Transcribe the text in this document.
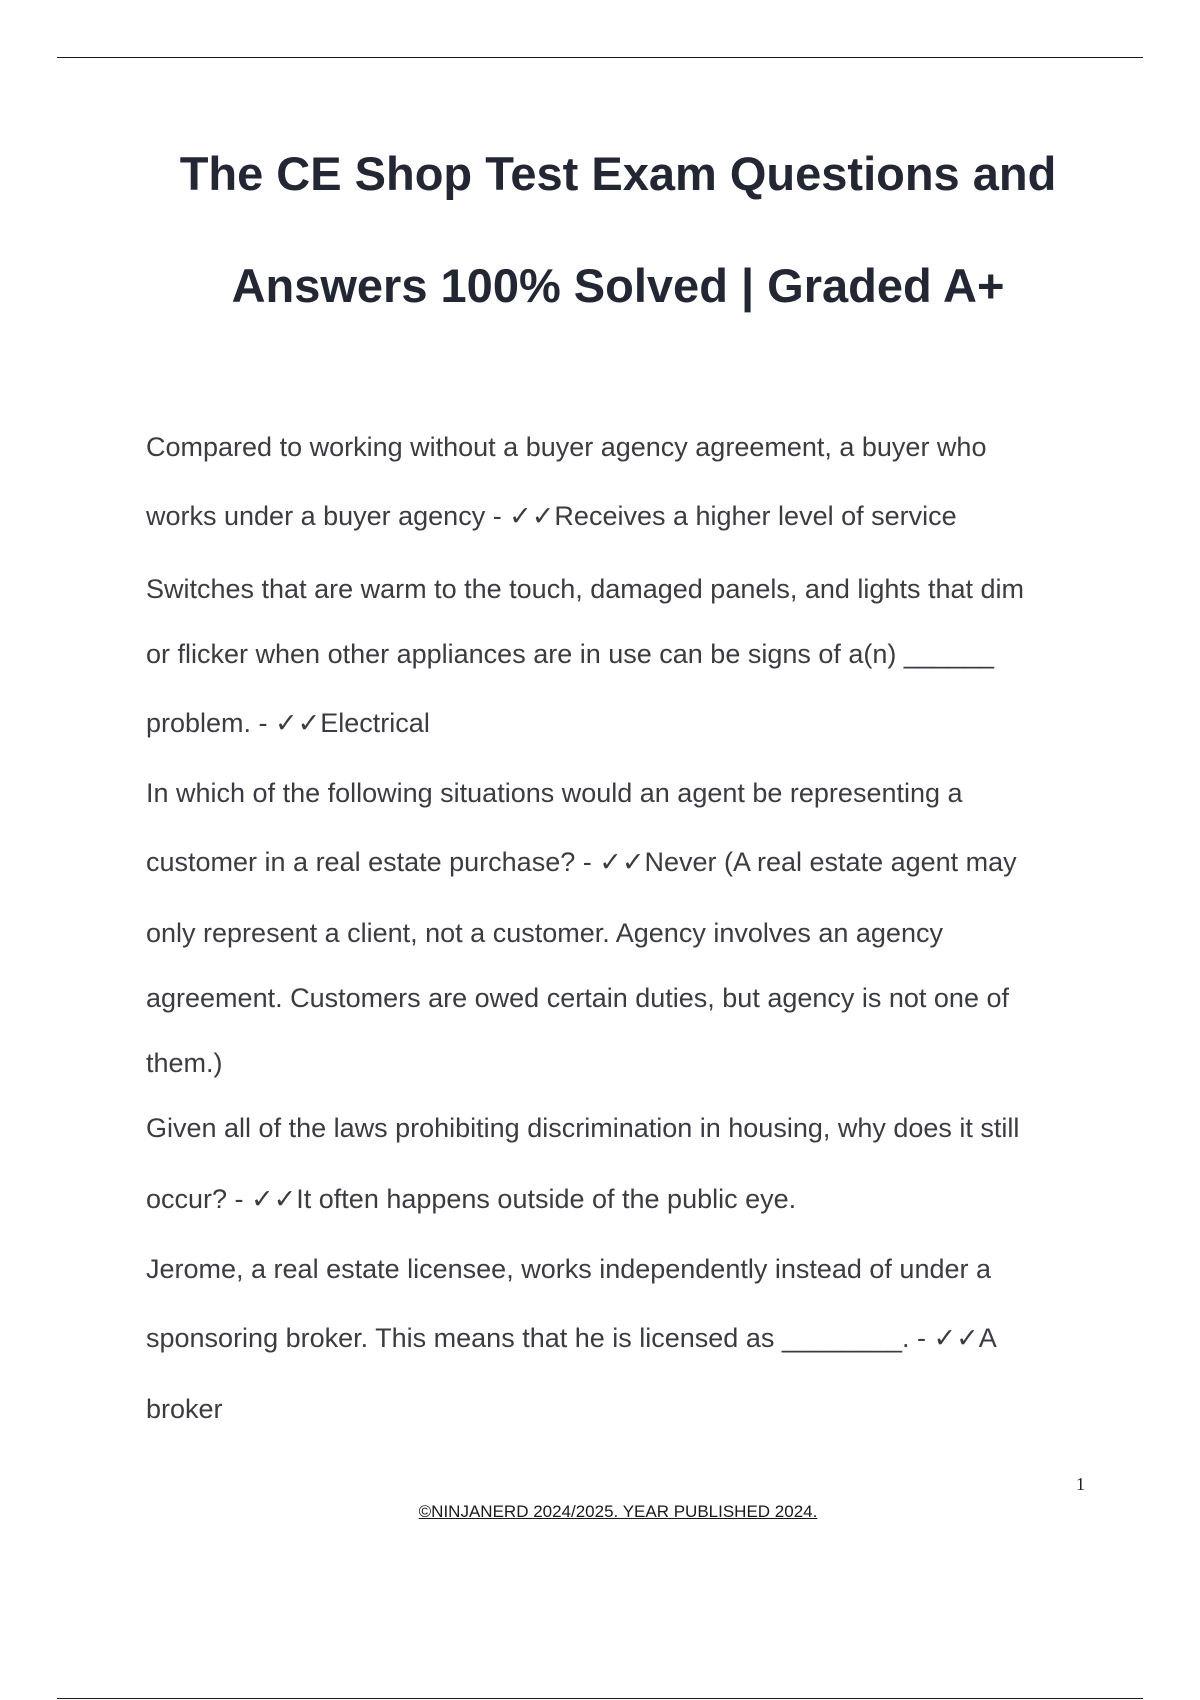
The CE Shop Test Exam Questions and
Answers 100% Solved | Graded A+

Compared to working without a buyer agency agreement, a buyer who

works under a buyer agency - ✓✓Receives a higher level of service

Switches that are warm to the touch, damaged panels, and lights that dim

or flicker when other appliances are in use can be signs of a(n) ______

problem. - ✓✓Electrical

In which of the following situations would an agent be representing a

customer in a real estate purchase? - ✓✓Never (A real estate agent may

only represent a client, not a customer. Agency involves an agency

agreement. Customers are owed certain duties, but agency is not one of

them.)

Given all of the laws prohibiting discrimination in housing, why does it still

occur? - ✓✓It often happens outside of the public eye.

Jerome, a real estate licensee, works independently instead of under a

sponsoring broker. This means that he is licensed as ________. - ✓✓A

broker

1
©NINJANERD 2024/2025. YEAR PUBLISHED 2024.
